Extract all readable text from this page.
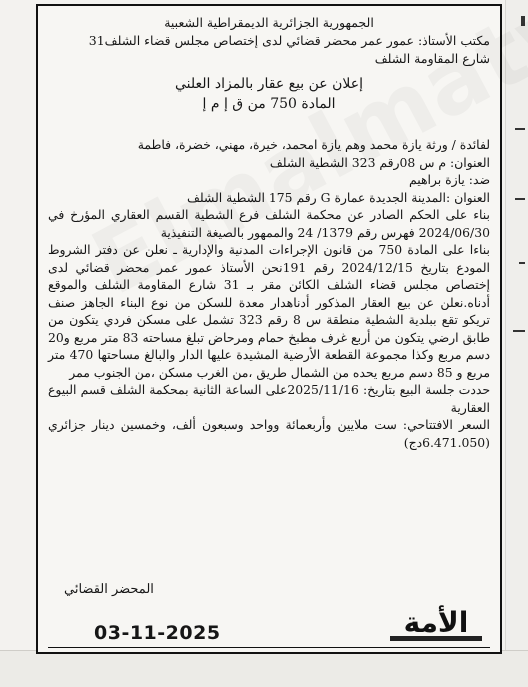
الجمهورية الجزائرية الديمقراطية الشعبية
مكتب الأستاذ: عمور عمر محضر قضائي لدى إختصاص مجلس قضاء الشلف31
شارع المقاومة الشلف
إعلان عن بيع عقار بالمزاد العلني
المادة 750 من ق إ م إ

لفائدة / ورثة يازة محمد وهم يازة امحمد، خيرة، مهني، خضرة، فاطمة

العنوان: م س 08رقم 323 الشطية الشلف

ضد: يازة براهيم

العنوان :المدينة الجديدة عمارة G رقم 175 الشطية الشلف

بناء على الحكم الصادر عن محكمة الشلف فرع الشطية القسم العقاري المؤرخ في 2024/06/30 فهرس رقم 1379/ 24 والممهور بالصيغة التنفيذية

بناءا على المادة 750 من قانون الإجراءات المدنية والإدارية ـ نعلن عن دفتر الشروط المودع بتاريخ 2024/12/15 رقم 191نحن الأستاذ عمور عمر محضر قضائي لدى إختصاص مجلس قضاء الشلف الكائن مقر بـ 31 شارع المقاومة الشلف والموقع أدناه.نعلن عن بيع العقار المذكور أدناهدار معدة للسكن من نوع البناء الجاهز صنف تريكو تقع ببلدية الشطية منطقة س 8 رقم 323 تشمل على مسكن فردي يتكون من طابق ارضي يتكون من أربع غرف مطبخ حمام ومرحاض تبلغ مساحته 83 متر مربع و20 دسم مربع وكذا مجموعة القطعة الأرضية المشيدة عليها الدار والبالغ مساحتها 470 متر مربع و 85 دسم مربع يحده من الشمال طريق ،من الغرب مسكن ،من الجنوب ممر

حددت جلسة البيع بتاريخ: 2025/11/16على الساعة الثانية بمحكمة الشلف قسم البيوع العقارية

السعر الافتتاحي: ست ملايين وأربعمائة وواحد وسبعون ألف، وخمسين دينار جزائري (6.471.050دج)

المحضر القضائي
03-11-2025	الأمة
